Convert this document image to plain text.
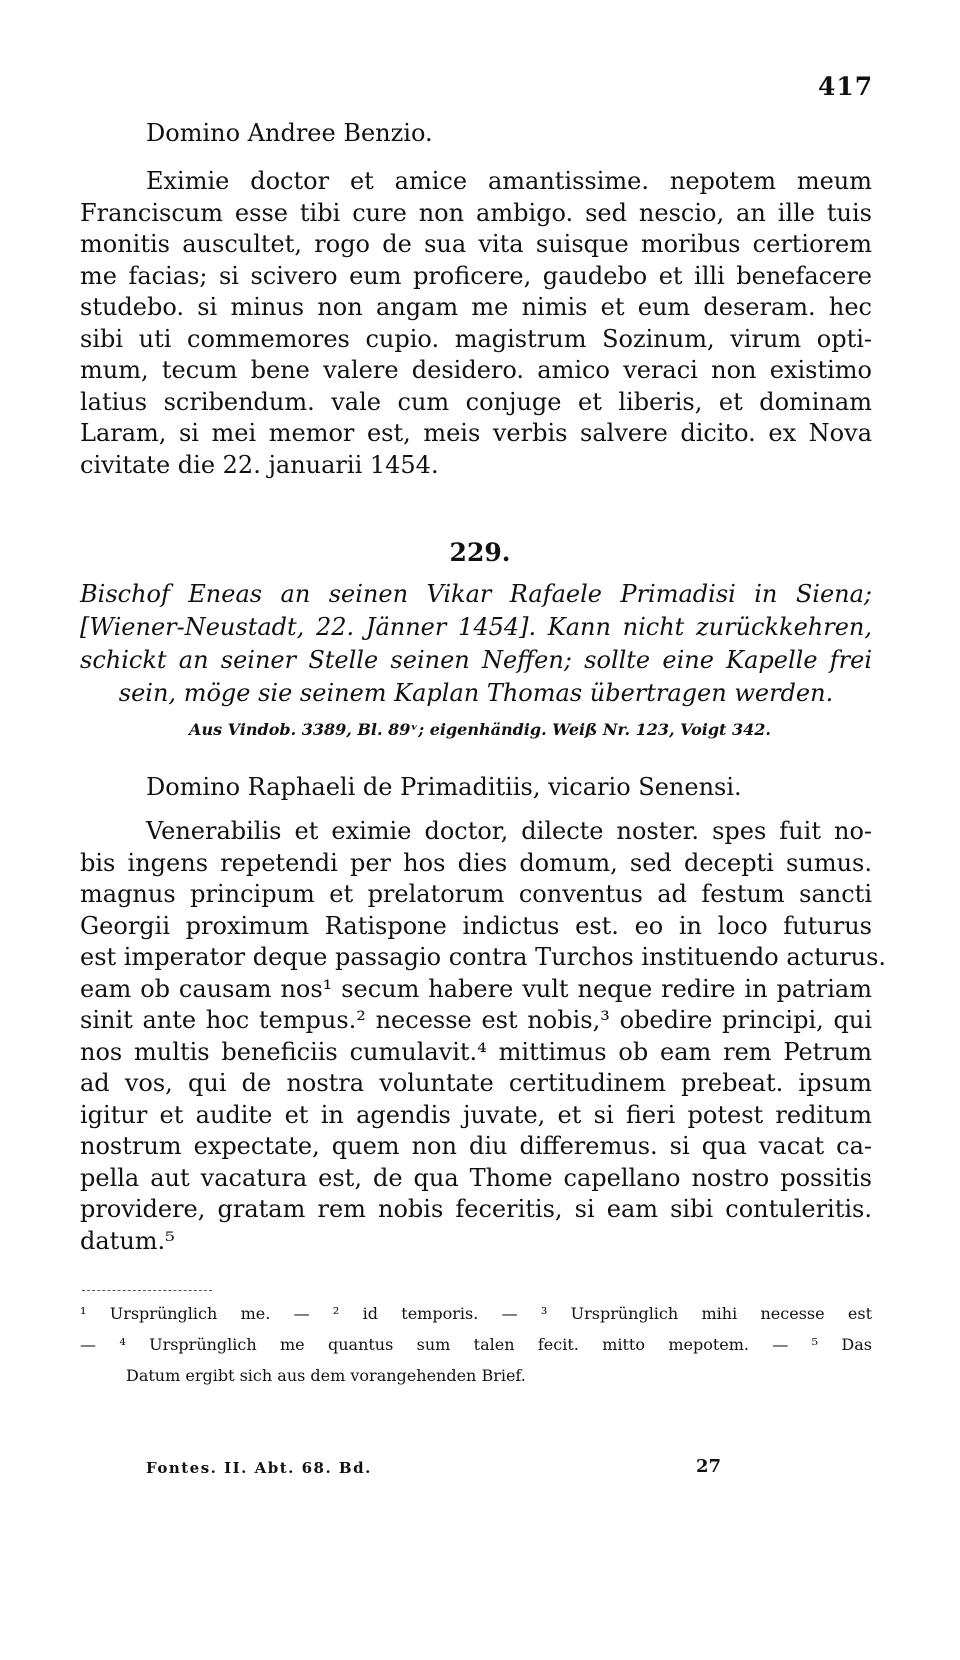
417

Domino Andree Benzio.

Eximie doctor et amice amantissime. nepotem meum

Franciscum esse tibi cure non ambigo. sed nescio, an ille tuis

monitis auscultet, rogo de sua vita suisque moribus certiorem

me facias; si scivero eum proficere, gaudebo et illi benefacere

studebo. si minus non angam me nimis et eum deseram. hec

sibi uti commemores cupio. magistrum Sozinum, virum opti-

mum, tecum bene valere desidero. amico veraci non existimo

latius scribendum. vale cum conjuge et liberis, et dominam

Laram, si mei memor est, meis verbis salvere dicito. ex Nova

civitate die 22. januarii 1454.

229.

Bischof Eneas an seinen Vikar Rafaele Primadisi in Siena;

[Wiener-Neustadt, 22. Jänner 1454]. Kann nicht zurückkehren,

schickt an seiner Stelle seinen Neffen; sollte eine Kapelle frei

sein, möge sie seinem Kaplan Thomas übertragen werden.

Aus Vindob. 3389, Bl. 89ᵛ; eigenhändig. Weiß Nr. 123, Voigt 342.

Domino Raphaeli de Primaditiis, vicario Senensi.

Venerabilis et eximie doctor, dilecte noster. spes fuit no-

bis ingens repetendi per hos dies domum, sed decepti sumus.

magnus principum et prelatorum conventus ad festum sancti

Georgii proximum Ratispone indictus est. eo in loco futurus

est imperator deque passagio contra Turchos instituendo acturus.

eam ob causam nos¹ secum habere vult neque redire in patriam

sinit ante hoc tempus.² necesse est nobis,³ obedire principi, qui

nos multis beneficiis cumulavit.⁴ mittimus ob eam rem Petrum

ad vos, qui de nostra voluntate certitudinem prebeat. ipsum

igitur et audite et in agendis juvate, et si fieri potest reditum

nostrum expectate, quem non diu differemus. si qua vacat ca-

pella aut vacatura est, de qua Thome capellano nostro possitis

providere, gratam rem nobis feceritis, si eam sibi contuleritis.

datum.⁵

¹ Ursprünglich me. — ² id temporis. — ³ Ursprünglich mihi necesse est

— ⁴ Ursprünglich me quantus sum talen fecit. mitto mepotem. — ⁵ Das

Datum ergibt sich aus dem vorangehenden Brief.

Fontes. II. Abt. 68. Bd.	27
